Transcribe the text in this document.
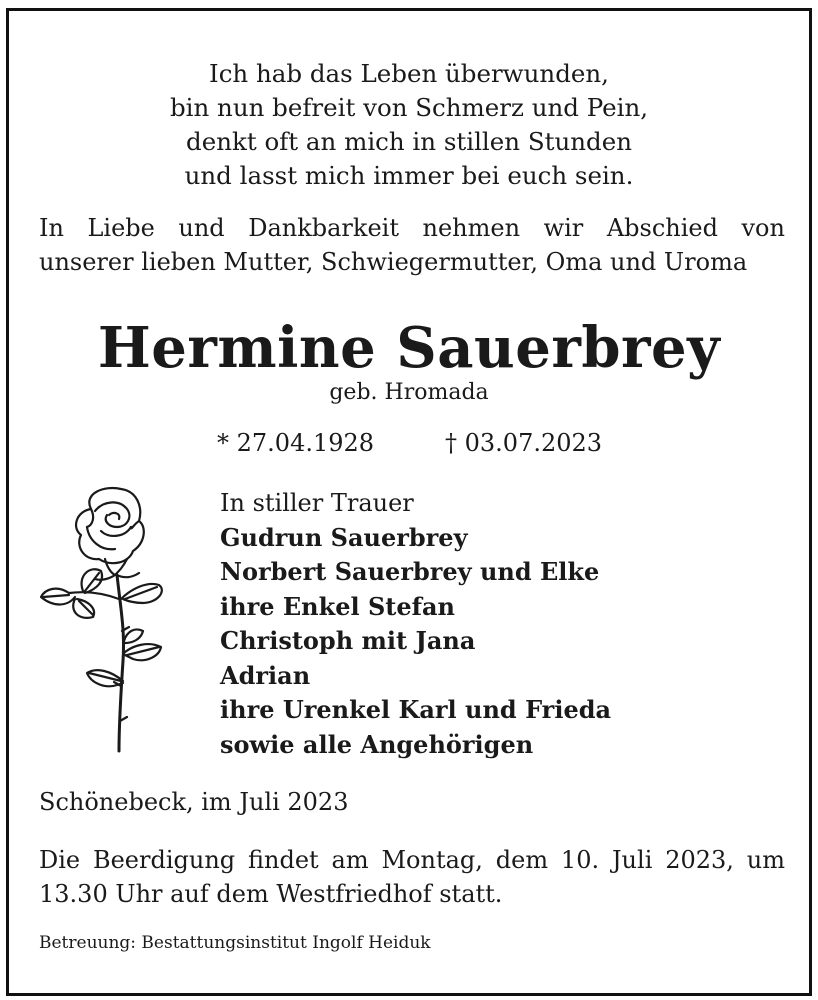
Ich hab das Leben überwunden,
bin nun befreit von Schmerz und Pein,
denkt oft an mich in stillen Stunden
und lasst mich immer bei euch sein.
In Liebe und Dankbarkeit nehmen wir Abschied von
unserer lieben Mutter, Schwiegermutter, Oma und Uroma
Hermine Sauerbrey
geb. Hromada
* 27.04.1928	† 03.07.2023
In stiller Trauer
Gudrun Sauerbrey
Norbert Sauerbrey und Elke
ihre Enkel Stefan
Christoph mit Jana
Adrian
ihre Urenkel Karl und Frieda
sowie alle Angehörigen
Schönebeck, im Juli 2023
Die Beerdigung findet am Montag, dem 10. Juli 2023, um
13.30 Uhr auf dem Westfriedhof statt.
Betreuung: Bestattungsinstitut Ingolf Heiduk
